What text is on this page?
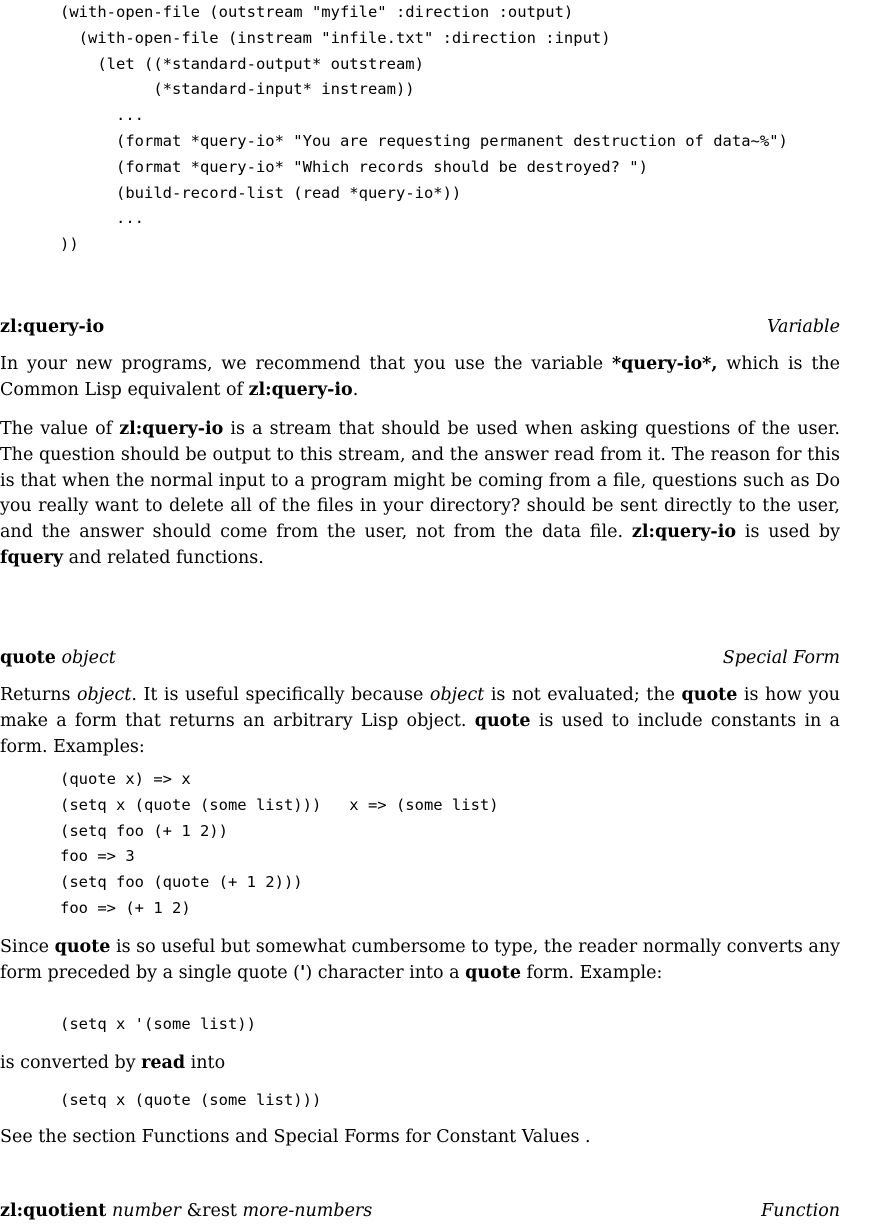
(with-open-file (outstream "myfile" :direction :output)
(with-open-file (instream "infile.txt" :direction :input)
(let ((*standard-output* outstream)
(*standard-input* instream))
...
(format *query-io* "You are requesting permanent destruction of data~%")
(format *query-io* "Which records should be destroyed? ")
(build-record-list (read *query-io*))
...
))
zl:query-io	Variable

In your new programs, we recommend that you use the variable *query-io*, which is the Common Lisp equivalent of zl:query-io.

The value of zl:query-io is a stream that should be used when asking questions of the user. The question should be output to this stream, and the answer read from it. The reason for this is that when the normal input to a program might be coming from a file, questions such as Do you really want to delete all of the files in your directory? should be sent directly to the user, and the answer should come from the user, not from the data file. zl:query-io is used by fquery and related functions.

quote object	Special Form

Returns object. It is useful specifically because object is not evaluated; the quote is how you make a form that returns an arbitrary Lisp object. quote is used to include constants in a form. Examples:

(quote x) => x
(setq x (quote (some list)))   x => (some list)
(setq foo (+ 1 2))
foo => 3
(setq foo (quote (+ 1 2)))
foo => (+ 1 2)

Since quote is so useful but somewhat cumbersome to type, the reader normally converts any form preceded by a single quote (') character into a quote form. Example:

(setq x '(some list))

is converted by read into

(setq x (quote (some list)))

See the section Functions and Special Forms for Constant Values .

zl:quotient number &rest more-numbers	Function
